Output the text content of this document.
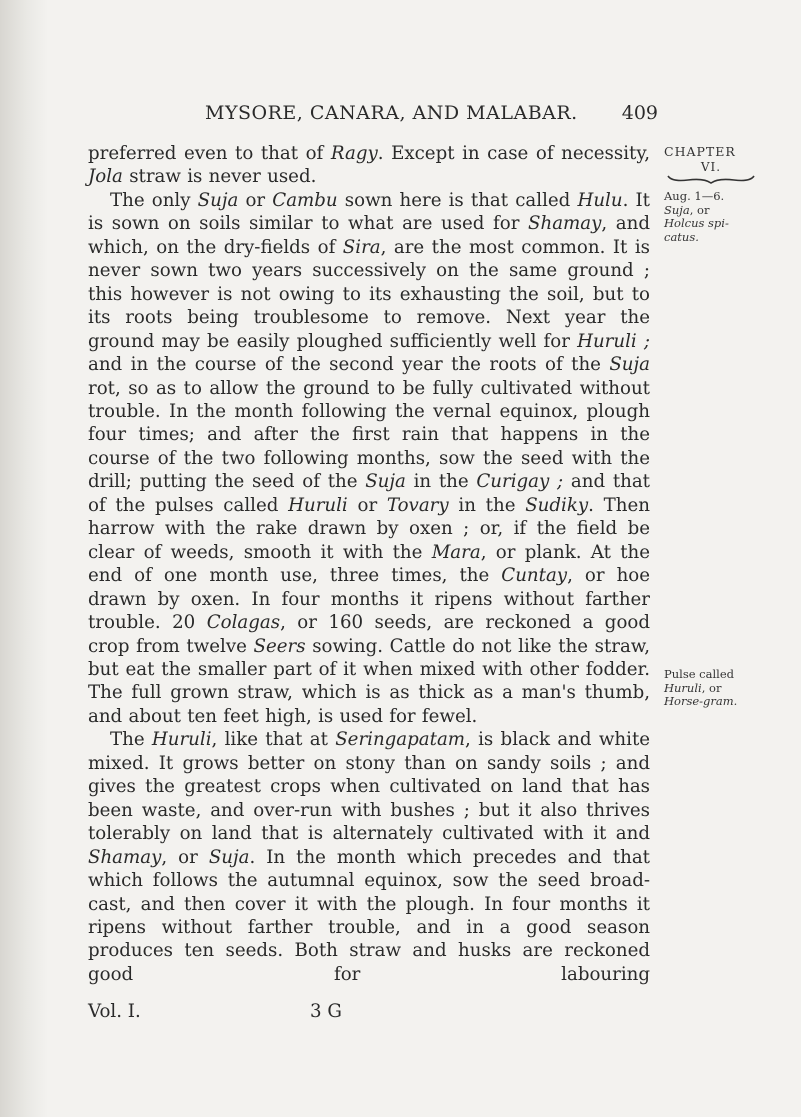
MYSORE, CANARA, AND MALABAR.	409
CHAPTER
VI.
Aug. 1—6.
Suja, or
Holcus spi-
catus.
Pulse called
Huruli, or
Horse-gram.

preferred even to that of Ragy. Except in case of necessity, Jola straw is never used.

The only Suja or Cambu sown here is that called Hulu. It is sown on soils similar to what are used for Shamay, and which, on the dry-fields of Sira, are the most common. It is never sown two years successively on the same ground ; this however is not owing to its exhausting the soil, but to its roots being troublesome to remove. Next year the ground may be easily ploughed sufficiently well for Huruli ; and in the course of the second year the roots of the Suja rot, so as to allow the ground to be fully cultivated without trouble. In the month following the vernal equinox, plough four times; and after the first rain that happens in the course of the two following months, sow the seed with the drill; putting the seed of the Suja in the Curigay ; and that of the pulses called Huruli or Tovary in the Sudiky. Then harrow with the rake drawn by oxen ; or, if the field be clear of weeds, smooth it with the Mara, or plank. At the end of one month use, three times, the Cuntay, or hoe drawn by oxen. In four months it ripens without farther trouble. 20 Colagas, or 160 seeds, are reckoned a good crop from twelve Seers sowing. Cattle do not like the straw, but eat the smaller part of it when mixed with other fodder. The full grown straw, which is as thick as a man's thumb, and about ten feet high, is used for fewel.

The Huruli, like that at Seringapatam, is black and white mixed. It grows better on stony than on sandy soils ; and gives the greatest crops when cultivated on land that has been waste, and over-run with bushes ; but it also thrives tolerably on land that is alternately cultivated with it and Shamay, or Suja. In the month which precedes and that which follows the autumnal equinox, sow the seed broad-cast, and then cover it with the plough. In four months it ripens without farther trouble, and in a good season produces ten seeds. Both straw and husks are reckoned good for labouring

Vol. I.	3 G
